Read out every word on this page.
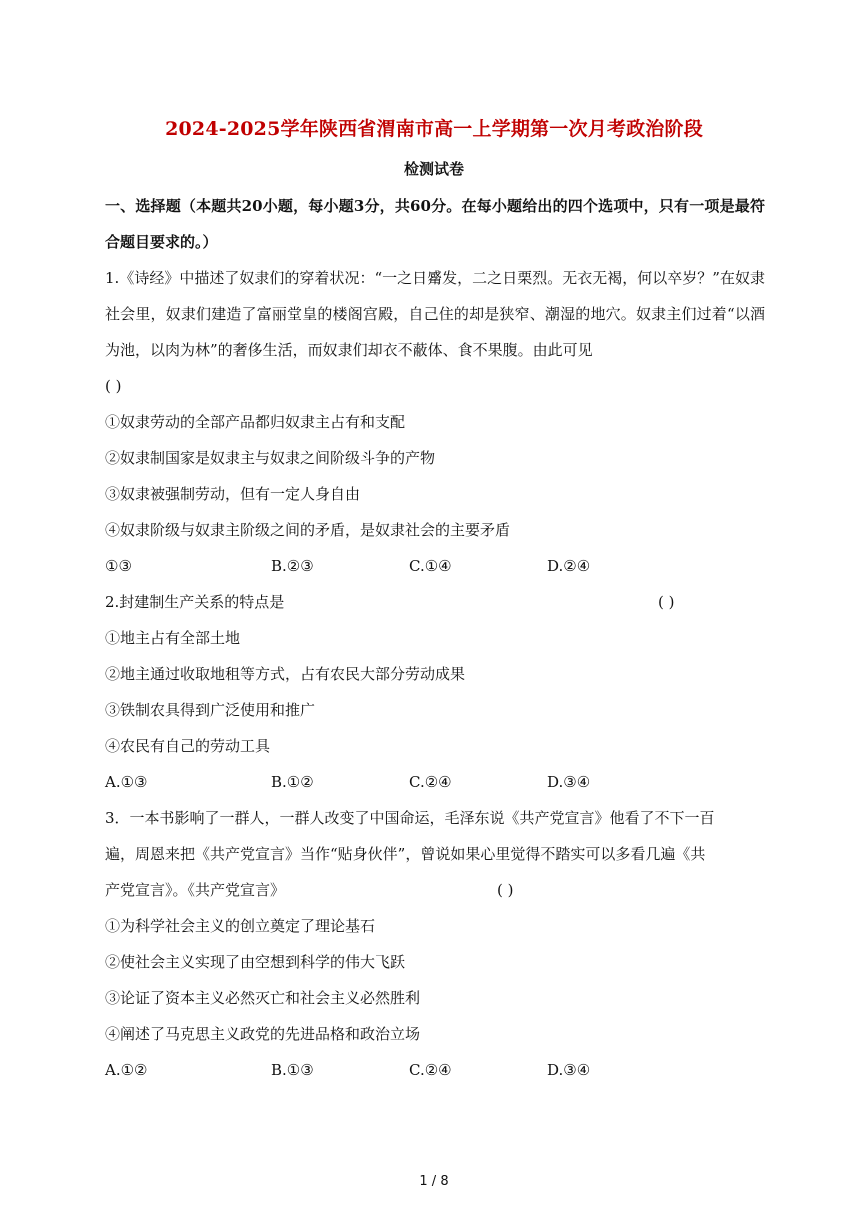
2024-2025学年陕西省渭南市高一上学期第一次月考政治阶段
检测试卷
一、选择题（本题共20小题，每小题3分，共60分。在每小题给出的四个选项中，只有一项是最符合题目要求的。）
1.《诗经》中描述了奴隶们的穿着状况：“一之日觱发，二之日栗烈。无衣无褐，何以卒岁？”在奴隶社会里，奴隶们建造了富丽堂皇的楼阁宫殿，自己住的却是狭窄、潮湿的地穴。奴隶主们过着“以酒为池，以肉为林”的奢侈生活，而奴隶们却衣不蔽体、食不果腹。由此可见
( )
①奴隶劳动的全部产品都归奴隶主占有和支配
②奴隶制国家是奴隶主与奴隶之间阶级斗争的产物
③奴隶被强制劳动，但有一定人身自由
④奴隶阶级与奴隶主阶级之间的矛盾，是奴隶社会的主要矛盾
①③	B.②③	C.①④	D.②④
2.封建制生产关系的特点是	( )
①地主占有全部土地
②地主通过收取地租等方式，占有农民大部分劳动成果
③铁制农具得到广泛使用和推广
④农民有自己的劳动工具
A.①③	B.①②	C.②④	D.③④
3．一本书影响了一群人，一群人改变了中国命运，毛泽东说《共产党宣言》他看了不下一百
遍，周恩来把《共产党宣言》当作“贴身伙伴”，曾说如果心里觉得不踏实可以多看几遍《共
产党宣言》。《共产党宣言》	( )
①为科学社会主义的创立奠定了理论基石
②使社会主义实现了由空想到科学的伟大飞跃
③论证了资本主义必然灭亡和社会主义必然胜利
④阐述了马克思主义政党的先进品格和政治立场
A.①②	B.①③	C.②④	D.③④
1 / 8
